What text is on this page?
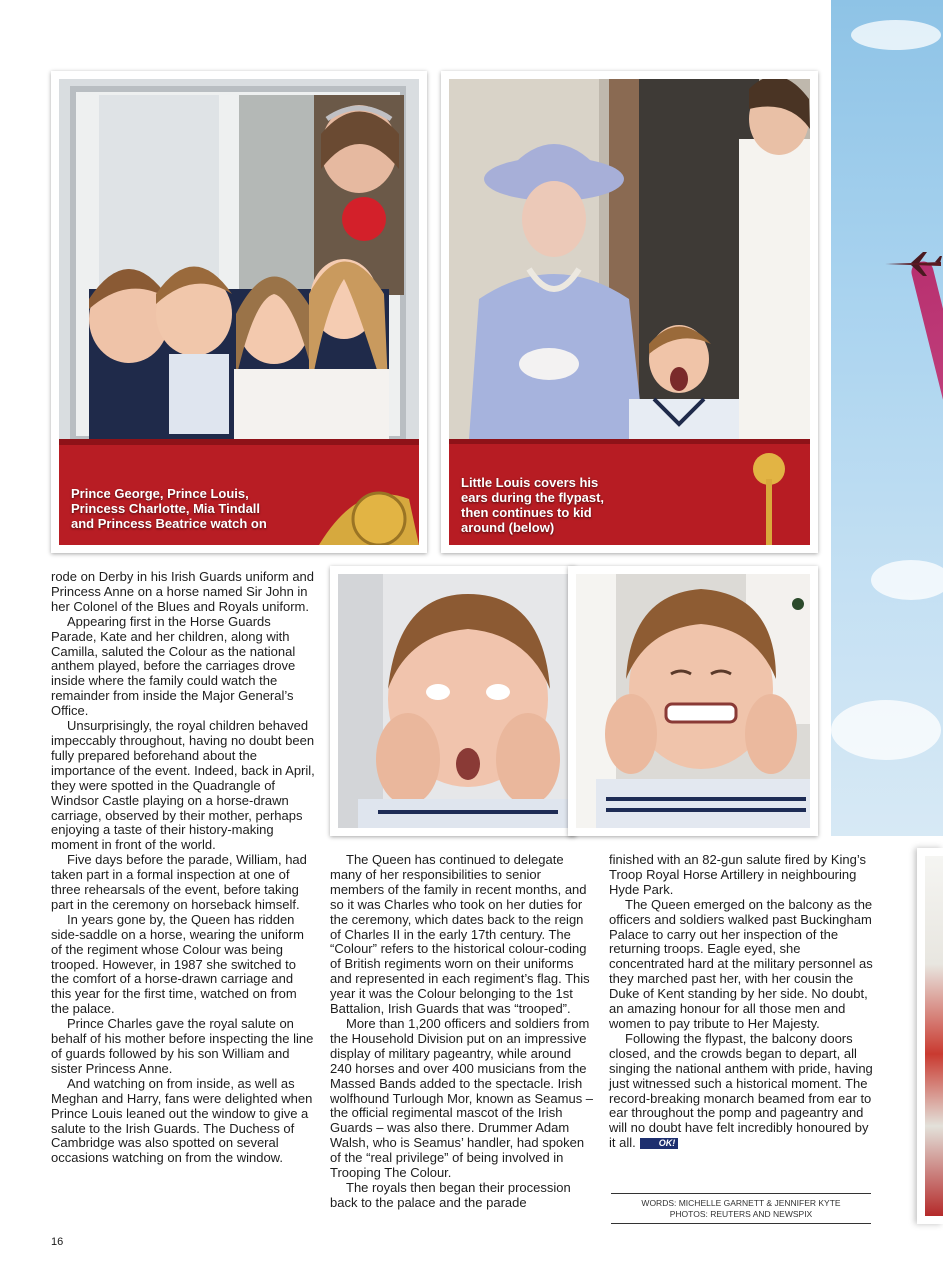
Prince George, Prince Louis,
Princess Charlotte, Mia Tindall
and Princess Beatrice watch on
Little Louis covers his
ears during the flypast,
then continues to kid
around (below)

rode on Derby in his Irish Guards uniform and Princess Anne on a horse named Sir John in her Colonel of the Blues and Royals uniform.

Appearing first in the Horse Guards Parade, Kate and her children, along with Camilla, saluted the Colour as the national anthem played, before the carriages drove inside where the family could watch the remainder from inside the Major General’s Office.

Unsurprisingly, the royal children behaved impeccably throughout, having no doubt been fully prepared beforehand about the importance of the event. Indeed, back in April, they were spotted in the Quadrangle of Windsor Castle playing on a horse-drawn carriage, observed by their mother, perhaps enjoying a taste of their history-making moment in front of the world.

Five days before the parade, William, had taken part in a formal inspection at one of three rehearsals of the event, before taking part in the ceremony on horseback himself.

In years gone by, the Queen has ridden side-saddle on a horse, wearing the uniform of the regiment whose Colour was being trooped. However, in 1987 she switched to the comfort of a horse-drawn carriage and this year for the first time, watched on from the palace.

Prince Charles gave the royal salute on behalf of his mother before inspecting the line of guards followed by his son William and sister Princess Anne.

And watching on from inside, as well as Meghan and Harry, fans were delighted when Prince Louis leaned out the window to give a salute to the Irish Guards. The Duchess of Cambridge was also spotted on several occasions watching on from the window.

The Queen has continued to delegate many of her responsibilities to senior members of the family in recent months, and so it was Charles who took on her duties for the ceremony, which dates back to the reign of Charles II in the early 17th century. The “Colour” refers to the historical colour-coding of British regiments worn on their uniforms and represented in each regiment’s flag. This year it was the Colour belonging to the 1st Battalion, Irish Guards that was “trooped”.

More than 1,200 officers and soldiers from the Household Division put on an impressive display of military pageantry, while around 240 horses and over 400 musicians from the Massed Bands added to the spectacle. Irish wolfhound Turlough Mor, known as Seamus – the official regimental mascot of the Irish Guards – was also there. Drummer Adam Walsh, who is Seamus’ handler, had spoken of the “real privilege” of being involved in Trooping The Colour.

The royals then began their procession back to the palace and the parade

finished with an 82-gun salute fired by King’s Troop Royal Horse Artillery in neighbouring Hyde Park.

The Queen emerged on the balcony as the officers and soldiers walked past Buckingham Palace to carry out her inspection of the returning troops. Eagle eyed, she concentrated hard at the military personnel as they marched past her, with her cousin the Duke of Kent standing by her side. No doubt, an amazing honour for all those men and women to pay tribute to Her Majesty.

Following the flypast, the balcony doors closed, and the crowds began to depart, all singing the national anthem with pride, having just witnessed such a historical moment. The record-breaking monarch beamed from ear to ear throughout the pomp and pageantry and will no doubt have felt incredibly honoured by it all.	OK!

WORDS: MICHELLE GARNETT & JENNIFER KYTE
PHOTOS: REUTERS AND NEWSPIX
16
